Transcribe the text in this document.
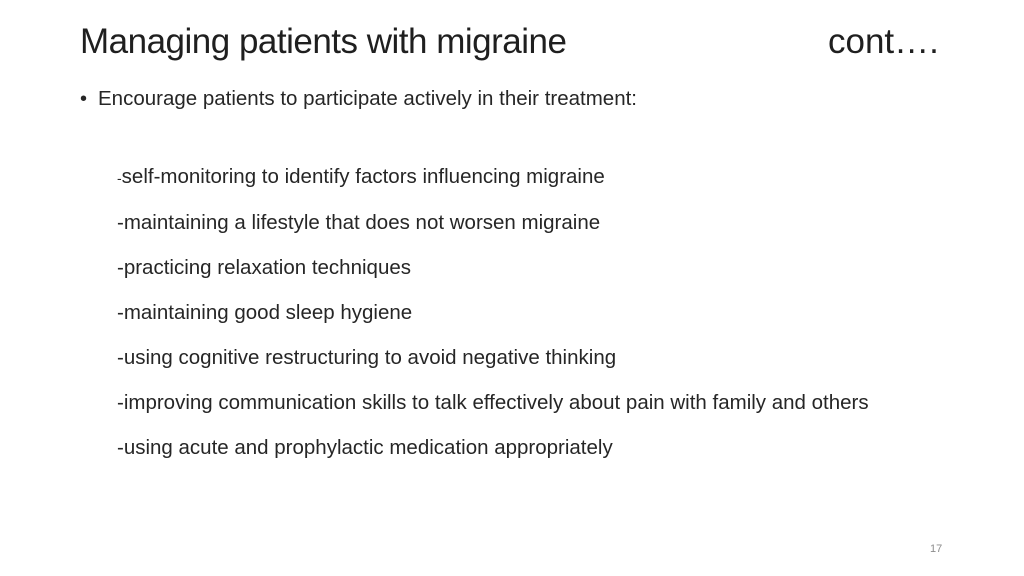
Managing patients with migraine	cont….
• Encourage patients to participate actively in their treatment:
-self-monitoring to identify factors influencing migraine
-maintaining a lifestyle that does not worsen migraine
-practicing relaxation techniques
-maintaining good sleep hygiene
-using cognitive restructuring to avoid negative thinking
-improving communication skills to talk effectively about pain with family and others
-using acute and prophylactic medication appropriately
17
